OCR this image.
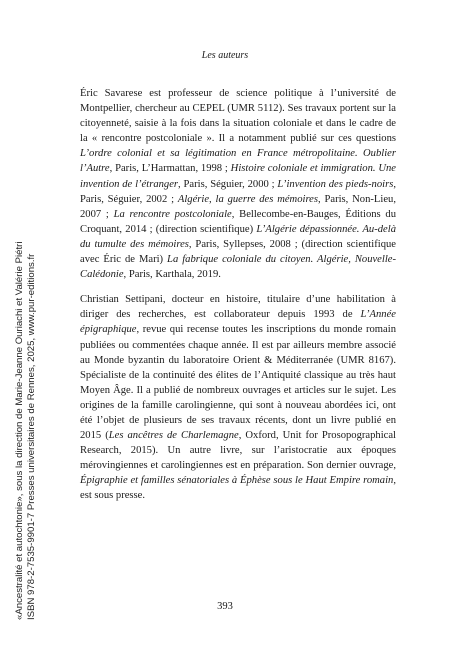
Les auteurs

Éric Savarese est professeur de science politique à l’université de Montpellier, chercheur au CEPEL (UMR 5112). Ses travaux portent sur la citoyenneté, saisie à la fois dans la situation coloniale et dans le cadre de la « rencontre postcoloniale ». Il a notamment publié sur ces questions L’ordre colonial et sa légitimation en France métropolitaine. Oublier l’Autre, Paris, L’Harmattan, 1998 ; Histoire coloniale et immigration. Une invention de l’étranger, Paris, Séguier, 2000 ; L’invention des pieds-noirs, Paris, Séguier, 2002 ; Algérie, la guerre des mémoires, Paris, Non-Lieu, 2007 ; La rencontre postcoloniale, Bellecombe-en-Bauges, Éditions du Croquant, 2014 ; (direction scientifique) L’Algérie dépassionnée. Au-delà du tumulte des mémoires, Paris, Syllepses, 2008 ; (direction scientifique avec Éric de Mari) La fabrique coloniale du citoyen. Algérie, Nouvelle-Calédonie, Paris, Karthala, 2019.

Christian Settipani, docteur en histoire, titulaire d’une habilitation à diriger des recherches, est collaborateur depuis 1993 de L’Année épigraphique, revue qui recense toutes les inscriptions du monde romain publiées ou commentées chaque année. Il est par ailleurs membre associé au Monde byzantin du laboratoire Orient & Méditerranée (UMR 8167). Spécialiste de la continuité des élites de l’Antiquité classique au très haut Moyen Âge. Il a publié de nombreux ouvrages et articles sur le sujet. Les origines de la famille carolingienne, qui sont à nouveau abordées ici, ont été l’objet de plusieurs de ses travaux récents, dont un livre publié en 2015 (Les ancêtres de Charlemagne, Oxford, Unit for Prosopographical Research, 2015). Un autre livre, sur l’aristocratie aux époques mérovingiennes et carolingiennes est en préparation. Son dernier ouvrage, Épigraphie et familles sénatoriales à Éphèse sous le Haut Empire romain, est sous presse.

393
«Ancestralité et autochtonie», sous la direction de Marie-Jeanne Ouriachi et Valérie Piétri ISBN 978-2-7535-9901-7 Presses universitaires de Rennes, 2025, www.pur-editions.fr
